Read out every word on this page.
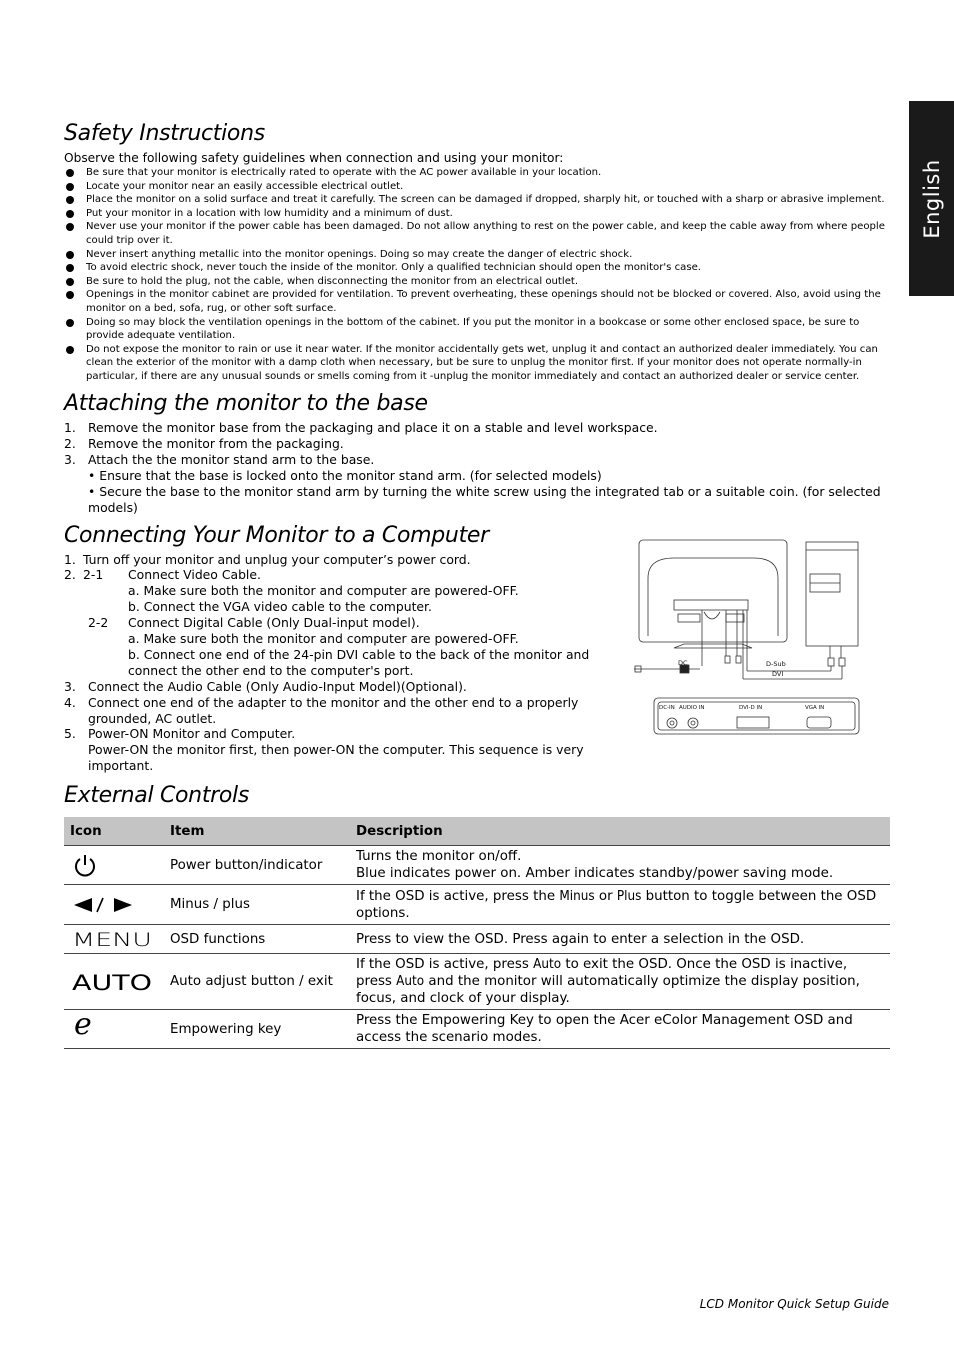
English
Safety Instructions

Observe the following safety guidelines when connection and using your monitor:

Be sure that your monitor is electrically rated to operate with the AC power available in your location.
Locate your monitor near an easily accessible electrical outlet.
Place the monitor on a solid surface and treat it carefully. The screen can be damaged if dropped, sharply hit, or touched with a sharp or abrasive implement.
Put your monitor in a location with low humidity and a minimum of dust.
Never use your monitor if the power cable has been damaged. Do not allow anything to rest on the power cable, and keep the cable away from where people could trip over it.
Never insert anything metallic into the monitor openings. Doing so may create the danger of electric shock.
To avoid electric shock, never touch the inside of the monitor. Only a qualified technician should open the monitor's case.
Be sure to hold the plug, not the cable, when disconnecting the monitor from an electrical outlet.
Openings in the monitor cabinet are provided for ventilation. To prevent overheating, these openings should not be blocked or covered. Also, avoid using the monitor on a bed, sofa, rug, or other soft surface.
Doing so may block the ventilation openings in the bottom of the cabinet. If you put the monitor in a bookcase or some other enclosed space, be sure to provide adequate ventilation.
Do not expose the monitor to rain or use it near water. If the monitor accidentally gets wet, unplug it and contact an authorized dealer immediately. You can clean the exterior of the monitor with a damp cloth when necessary, but be sure to unplug the monitor first. If your monitor does not operate normally-in particular, if there are any unusual sounds or smells coming from it -unplug the monitor immediately and contact an authorized dealer or service center.
Attaching the monitor to the base
1. Remove the monitor base from the packaging and place it on a stable and level workspace.
2. Remove the monitor from the packaging.
3. Attach the the monitor stand arm to the base.
• Ensure that the base is locked onto the monitor stand arm. (for selected models)
• Secure the base to the monitor stand arm by turning the white screw using the integrated tab or a suitable coin. (for selected models)
Connecting Your Monitor to a Computer
1. Turn off your monitor and unplug your computer’s power cord.
2. 2-1	Connect Video Cable.
a. Make sure both the monitor and computer are powered-OFF.
b. Connect the VGA video cable to the computer.
2-2	Connect Digital Cable (Only Dual-input model).
a. Make sure both the monitor and computer are powered-OFF.
b. Connect one end of the 24-pin DVI cable to the back of the monitor and connect the other end to the computer's port.
3. Connect the Audio Cable (Only Audio-Input Model)(Optional).
4. Connect one end of the adapter to the monitor and the other end to a properly grounded, AC outlet.
5. Power-ON Monitor and Computer.
Power-ON the monitor first, then power-ON the computer. This sequence is very important.
DC	D-Sub
DVI
DC-IN AUDIO IN	DVI-D IN	VGA IN
External Controls
Icon	Item	Description

	Power button/indicator	Turns the monitor on/off.
Blue indicates power on. Amber indicates standby/power saving mode.

	Minus / plus	If the OSD is active, press the Minus or Plus button to toggle between the OSD options.

MENU	OSD functions	Press to view the OSD. Press again to enter a selection in the OSD.

AUTO	Auto adjust button / exit	If the OSD is active, press Auto to exit the OSD. Once the OSD is inactive, press Auto and the monitor will automatically optimize the display position, focus, and clock of your display.

e	Empowering key	Press the Empowering Key to open the Acer eColor Management OSD and access the scenario modes.
LCD Monitor Quick Setup Guide
